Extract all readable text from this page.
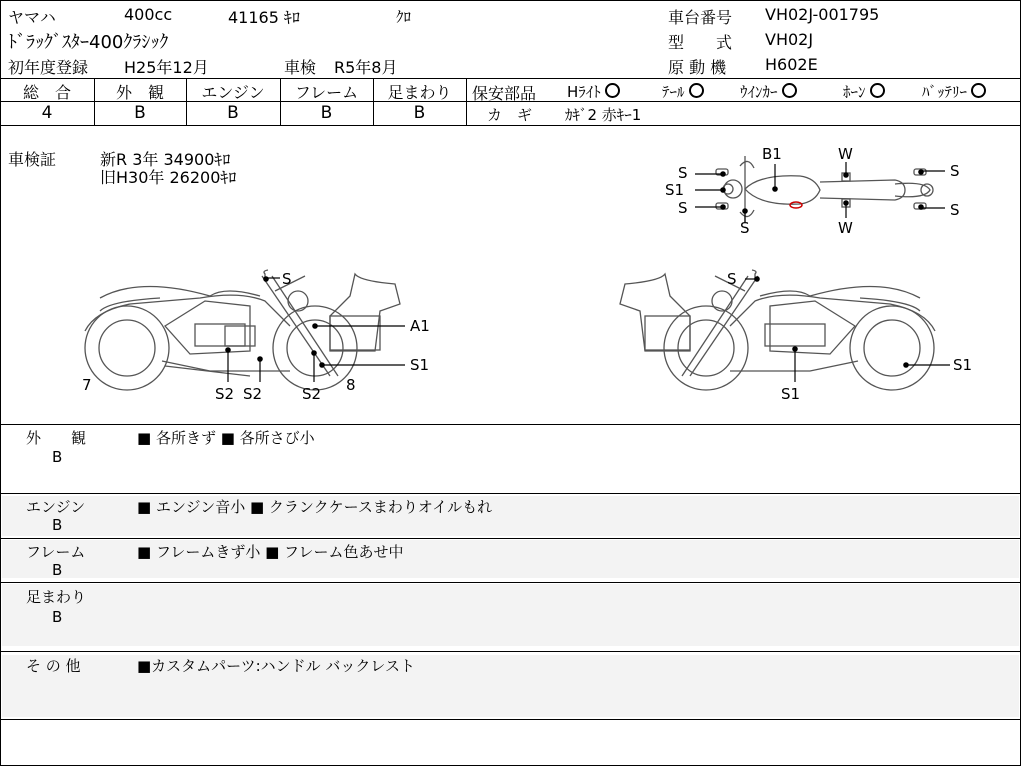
ヤマハ	400cc	41165 ｷﾛ	ｸﾛ
ﾄﾞﾗｯｸﾞｽﾀｰ400ｸﾗｼｯｸ
初年度登録 H25年12月	車検 R5年8月
車台番号 VH02J-001795
型　　式 VH02J
原 動 機 H602E
総　合	外　観	エンジン	フレーム	足まわり
4	B	B	B	B
保安部品 Hﾗｲﾄ	ﾃｰﾙ	ｳｲﾝｶｰ	ﾎｰﾝ	ﾊﾞｯﾃﾘｰ
カ　ギ ｶｷﾞ2 赤ｷｰ1
車検証	新R 3年 34900ｷﾛ
旧H30年 26200ｷﾛ
B1	W
W
S
S1
S
S
S
S
S
A1
S1
7	8
S2 S2	S2
S
S1
S1
外　　観
B
■ 各所きず ■ 各所さび小
エンジン
B
■ エンジン音小 ■ クランクケースまわりオイルもれ
フレーム
B
■ フレームきず小 ■ フレーム色あせ中
足まわり
B
そ の 他	■カスタムパーツ:ハンドル バックレスト
